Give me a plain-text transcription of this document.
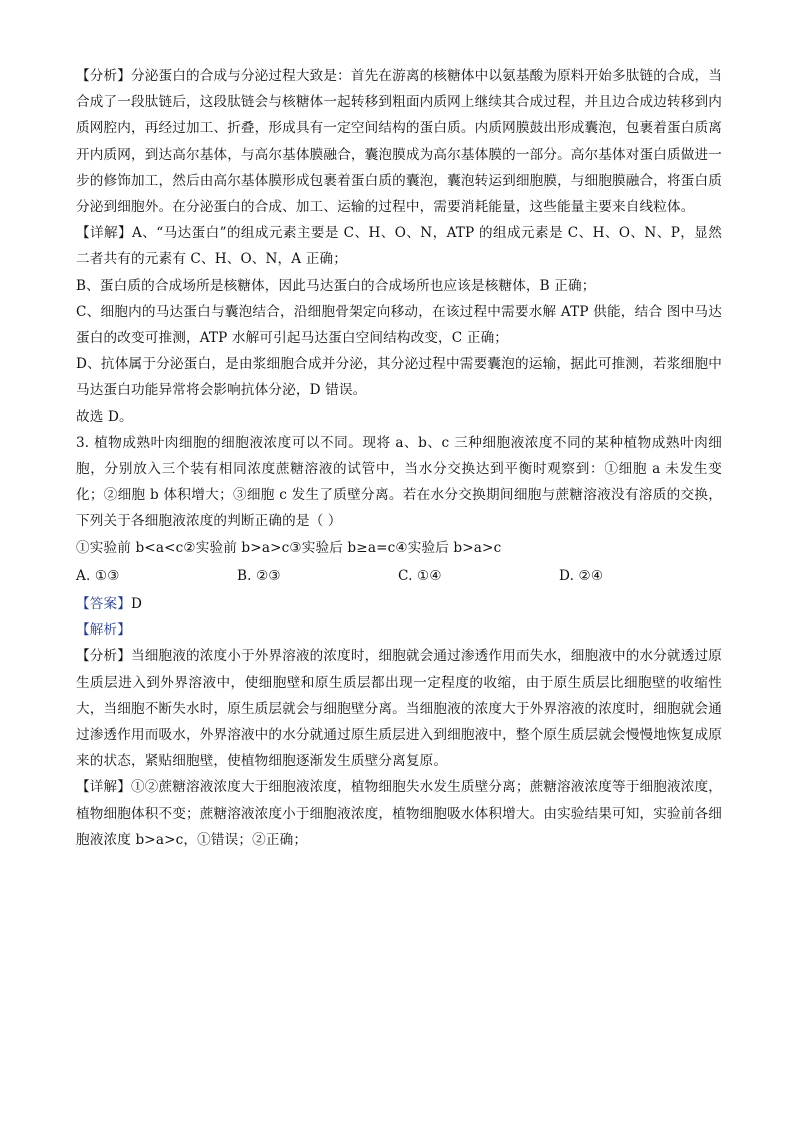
【分析】分泌蛋白的合成与分泌过程大致是：首先在游离的核糖体中以氨基酸为原料开始多肽链的合成，当合成了一段肽链后，这段肽链会与核糖体一起转移到粗面内质网上继续其合成过程，并且边合成边转移到内质网腔内，再经过加工、折叠，形成具有一定空间结构的蛋白质。内质网膜鼓出形成囊泡，包裹着蛋白质离开内质网，到达高尔基体，与高尔基体膜融合，囊泡膜成为高尔基体膜的一部分。高尔基体对蛋白质做进一步的修饰加工，然后由高尔基体膜形成包裹着蛋白质的囊泡，囊泡转运到细胞膜，与细胞膜融合，将蛋白质分泌到细胞外。在分泌蛋白的合成、加工、运输的过程中，需要消耗能量，这些能量主要来自线粒体。

【详解】A、“马达蛋白”的组成元素主要是 C、H、O、N，ATP 的组成元素是 C、H、O、N、P，显然二者共有的元素有 C、H、O、N，A 正确；

B、蛋白质的合成场所是核糖体，因此马达蛋白的合成场所也应该是核糖体，B 正确；

C、细胞内的马达蛋白与囊泡结合，沿细胞骨架定向移动，在该过程中需要水解 ATP 供能，结合 图中马达蛋白的改变可推测，ATP 水解可引起马达蛋白空间结构改变，C 正确；

D、抗体属于分泌蛋白，是由浆细胞合成并分泌，其分泌过程中需要囊泡的运输，据此可推测，若浆细胞中马达蛋白功能异常将会影响抗体分泌，D 错误。

故选 D。

3. 植物成熟叶肉细胞的细胞液浓度可以不同。现将 a、b、c 三种细胞液浓度不同的某种植物成熟叶肉细胞，分别放入三个装有相同浓度蔗糖溶液的试管中，当水分交换达到平衡时观察到：①细胞 a 未发生变化；②细胞 b 体积增大；③细胞 c 发生了质壁分离。若在水分交换期间细胞与蔗糖溶液没有溶质的交换，下列关于各细胞液浓度的判断正确的是（ ）

①实验前 b<a<c②实验前 b>a>c③实验后 b≥a=c④实验后 b>a>c

A. ①③	B. ②③	C. ①④	D. ②④

【答案】D

【解析】

【分析】当细胞液的浓度小于外界溶液的浓度时，细胞就会通过渗透作用而失水，细胞液中的水分就透过原生质层进入到外界溶液中，使细胞壁和原生质层都出现一定程度的收缩，由于原生质层比细胞壁的收缩性大，当细胞不断失水时，原生质层就会与细胞壁分离。当细胞液的浓度大于外界溶液的浓度时，细胞就会通过渗透作用而吸水，外界溶液中的水分就通过原生质层进入到细胞液中，整个原生质层就会慢慢地恢复成原来的状态，紧贴细胞壁，使植物细胞逐渐发生质壁分离复原。

【详解】①②蔗糖溶液浓度大于细胞液浓度，植物细胞失水发生质壁分离；蔗糖溶液浓度等于细胞液浓度，植物细胞体积不变；蔗糖溶液浓度小于细胞液浓度，植物细胞吸水体积增大。由实验结果可知，实验前各细胞液浓度 b>a>c，①错误；②正确；
